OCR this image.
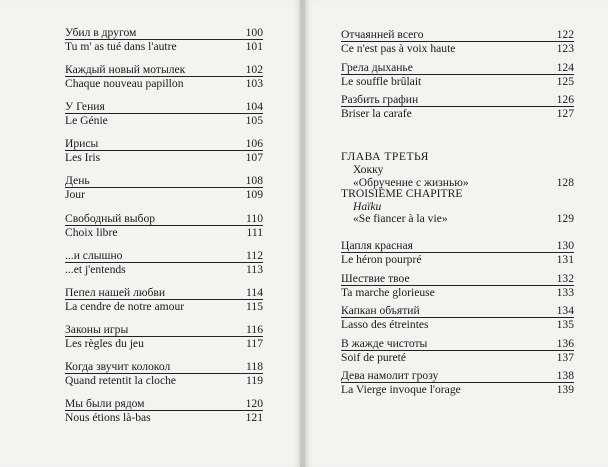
Убил в другом	100
Tu m' as tué dans l'autre	101
Каждый новый мотылек	102
Chaque nouveau papillon	103
У Гения	104
Le Génie	105
Ирисы	106
Les Iris	107
День	108
Jour	109
Свободный выбор	110
Choix libre	111
...и слышно	112
...et j'entends	113
Пепел нашей любви	114
La cendre de notre amour	115
Законы игры	116
Les règles du jeu	117
Когда звучит колокол	118
Quand retentit la cloche	119
Мы были рядом	120
Nous étions là-bas	121
ГЛАВА ТРЕТЬЯ
Хокку
«Обручение с жизнью»	128
TROISIÈME CHAPITRE
Haïku
«Se fiancer à la vie»	129
Отчаянней всего	122
Ce n'est pas à voix haute	123
Грела дыханье	124
Le souffle brûlait	125
Разбить графин	126
Briser la carafe	127
Цапля красная	130
Le héron pourpré	131
Шествие твое	132
Ta marche glorieuse	133
Капкан объятий	134
Lasso des étreintes	135
В жажде чистоты	136
Soif de pureté	137
Дева намолит грозу	138
La Vierge invoque l'orage	139
